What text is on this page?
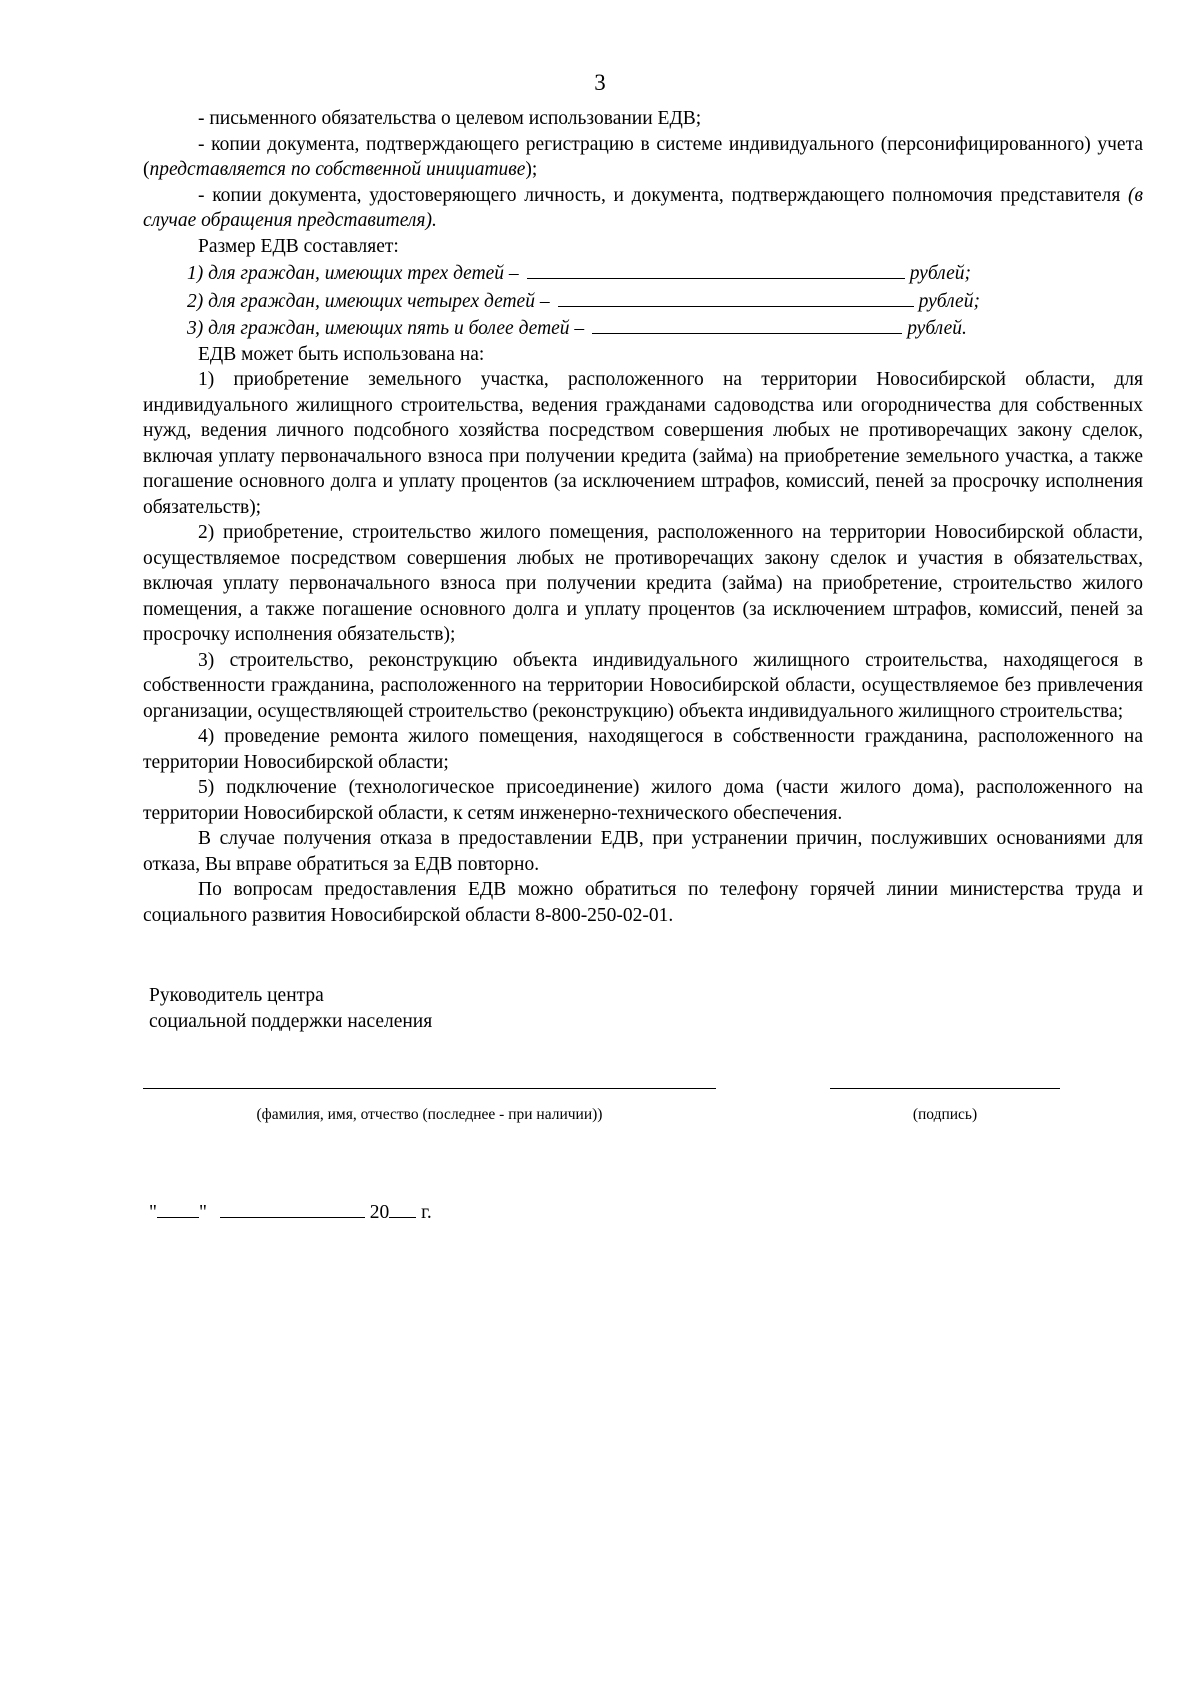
3

- письменного обязательства о целевом использовании ЕДВ;

- копии документа, подтверждающего регистрацию в системе индивидуального (персонифицированного) учета (представляется по собственной инициативе);

- копии документа, удостоверяющего личность, и документа, подтверждающего полномочия представителя (в случае обращения представителя).

Размер ЕДВ составляет:

1) для граждан, имеющих трех детей –	рублей;
2) для граждан, имеющих четырех детей –	рублей;
3) для граждан, имеющих пять и более детей –	рублей.

ЕДВ может быть использована на:

1) приобретение земельного участка, расположенного на территории Новосибирской области, для индивидуального жилищного строительства, ведения гражданами садоводства или огородничества для собственных нужд, ведения личного подсобного хозяйства посредством совершения любых не противоречащих закону сделок, включая уплату первоначального взноса при получении кредита (займа) на приобретение земельного участка, а также погашение основного долга и уплату процентов (за исключением штрафов, комиссий, пеней за просрочку исполнения обязательств);

2) приобретение, строительство жилого помещения, расположенного на территории Новосибирской области, осуществляемое посредством совершения любых не противоречащих закону сделок и участия в обязательствах, включая уплату первоначального взноса при получении кредита (займа) на приобретение, строительство жилого помещения, а также погашение основного долга и уплату процентов (за исключением штрафов, комиссий, пеней за просрочку исполнения обязательств);

3) строительство, реконструкцию объекта индивидуального жилищного строительства, находящегося в собственности гражданина, расположенного на территории Новосибирской области, осуществляемое без привлечения организации, осуществляющей строительство (реконструкцию) объекта индивидуального жилищного строительства;

4) проведение ремонта жилого помещения, находящегося в собственности гражданина, расположенного на территории Новосибирской области;

5) подключение (технологическое присоединение) жилого дома (части жилого дома), расположенного на территории Новосибирской области, к сетям инженерно-технического обеспечения.

В случае получения отказа в предоставлении ЕДВ, при устранении причин, послуживших основаниями для отказа, Вы вправе обратиться за ЕДВ повторно.

По вопросам предоставления ЕДВ можно обратиться по телефону горячей линии министерства труда и социального развития Новосибирской области 8-800-250-02-01.

Руководитель центра
социальной поддержки населения
(фамилия, имя, отчество (последнее - при наличии))	(подпись)
" "	20 г.
